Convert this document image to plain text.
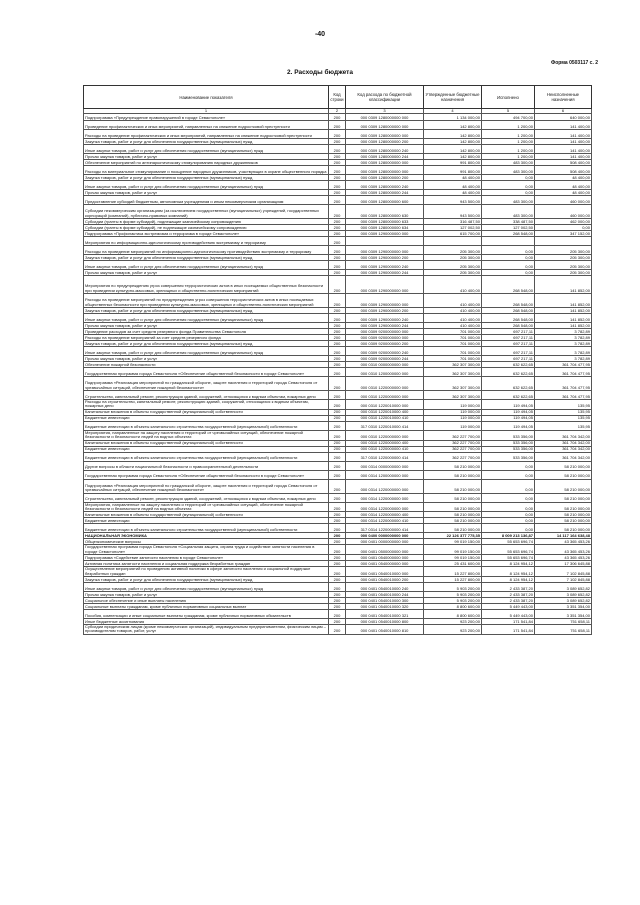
-40
Форма 0503117 с. 2
2. Расходы бюджета
Наименование показателя	Код строки	Код расхода по бюджетной классификации	Утвержденные бюджетные назначения	Исполнено	Неисполненные назначения
1	2	3	4	5	6
Подпрограмма «Предупреждение правонарушений в городе Севастополе»	200	000 0309 1280000000 000	1 134 000,00	494 700,00	640 000,00
Проведение профилактических и иных мероприятий, направленных на снижение подростковой преступности	200	000 0309 1280000000 000	142 800,00	1 200,00	141 400,00
Расходы на проведение профилактических и иных мероприятий, направленных на снижение подростковой преступности	200	000 0309 1280000000 000	142 800,00	1 200,00	141 400,00
Закупка товаров, работ и услуг для обеспечения государственных (муниципальных) нужд	200	000 0309 1280000000 200	142 800,00	1 200,00	141 400,00
Иные закупки товаров, работ и услуг для обеспечения государственных (муниципальных) нужд	200	000 0309 1280000000 240	142 800,00	1 200,00	141 400,00
Прочая закупка товаров, работ и услуг	200	000 0309 1280000000 244	142 800,00	1 200,00	141 400,00
Обеспечение мероприятий по антинаркотическому стимулированию народных дружинников	200	000 0309 1280000000 000	991 800,00	483 300,00	508 400,00
Расходы на материальное стимулирование и поощрение народных дружинников, участвующих в охране общественного порядка	200	000 0309 1280000000 000	991 800,00	483 300,00	508 400,00
Закупка товаров, работ и услуг для обеспечения государственных (муниципальных) нужд	200	000 0309 1280000000 200	48 400,00	0,00	48 400,00
Иные закупки товаров, работ и услуг для обеспечения государственных (муниципальных) нужд	200	000 0309 1280000000 240	48 400,00	0,00	48 400,00
Прочая закупка товаров, работ и услуг	200	000 0309 1280000000 244	48 400,00	0,00	48 400,00
Предоставление субсидий бюджетным, автономным учреждениям и иным некоммерческим организациям	200	000 0309 1280000000 600	943 500,00	483 300,00	460 000,00
Субсидии некоммерческим организациям (за исключением государственных (муниципальных) учреждений, государственных корпораций (компаний), публично-правовых компаний)	200	000 0309 1280000000 630	943 500,00	483 300,00	460 000,00
Субсидии (гранты в форме субсидий), подлежащие казначейскому сопровождению	200	000 0309 1280000000 633	316 487,50	338 487,50	462 000,00
Субсидии (гранты в форме субсидий), не подлежащие казначейскому сопровождению	200	000 0309 1280000000 634	127 002,50	127 002,50	0,00
Подпрограмма «Профилактика экстремизма и терроризма в городе Севастополе»	200	000 0309 1290000000 000	615 700,00	268 548,00	347 152,00
Мероприятия по информационно-идеологическому противодействию экстремизму и терроризму	200				
Расходы на проведение мероприятий по информационно-идеологическому противодействию экстремизму и терроризму	200	000 0309 1290000000 000	205 300,00	0,00	205 300,00
Закупка товаров, работ и услуг для обеспечения государственных (муниципальных) нужд	200	000 0309 1290000000 200	205 300,00	0,00	205 300,00
Иные закупки товаров, работ и услуг для обеспечения государственных (муниципальных) нужд	200	000 0309 1290000000 240	205 300,00	0,00	205 300,00
Прочая закупка товаров, работ и услуг	200	000 0309 1290000000 244	205 300,00	0,00	205 300,00
Мероприятия по предупреждению угроз совершения террористических актов в иных посещаемых общественных безопасности при проведении культурно-массовых, зрелищных и общественно-политических мероприятий	200	000 0309 1290000000 000	410 400,00	268 548,00	141 852,00
Расходы на проведение мероприятий по предупреждению угроз совершения террористических актов в иных посещаемых общественных безопасности при проведении культурно-массовых, зрелищных и общественно-политических мероприятий	200	000 0309 1290000000 000	410 400,00	268 548,00	141 852,00
Закупка товаров, работ и услуг для обеспечения государственных (муниципальных) нужд	200	000 0309 1290000000 200	410 400,00	268 548,00	141 852,00
Иные закупки товаров, работ и услуг для обеспечения государственных (муниципальных) нужд	200	000 0309 1290000000 240	410 400,00	268 548,00	141 852,00
Прочая закупка товаров, работ и услуг	200	000 0309 1290000000 244	410 400,00	268 548,00	141 852,00
Проведение расходов за счет средств резервного фонда Правительства Севастополя	200	000 0309 9200000000 000	701 000,00	697 217,11	3 782,89
Расходы на проведение мероприятий за счет средств резервного фонда	200	000 0309 9200000000 000	701 000,00	697 217,11	3 782,89
Закупка товаров, работ и услуг для обеспечения государственных (муниципальных) нужд	200	000 0309 9200000000 200	701 000,00	697 217,11	3 782,89
Иные закупки товаров, работ и услуг для обеспечения государственных (муниципальных) нужд	200	000 0309 9200000000 240	701 000,00	697 217,11	3 782,89
Прочая закупка товаров, работ и услуг	200	000 0309 9200000000 244	701 000,00	697 217,11	3 782,89
Обеспечение пожарной безопасности	200	000 0310 0000000000 000	362 307 300,00	632 622,65	361 704 477,95
Государственная программа города Севастополя «Обеспечение общественной безопасности в городе Севастополе»	200	000 0310 1200000000 000	362 307 300,00	632 622,65	361 704 477,95
Подпрограмма «Реализация мероприятий по гражданской обороне, защите населения и территорий города Севастополя от чрезвычайных ситуаций, обеспечение пожарной безопасности»	200	000 0310 1220000000 000	362 307 300,00	632 622,65	361 704 477,95
Строительство, капитальный ремонт, реконструкция зданий, сооружений, относящихся к водным объектам, пожарных депо	200	000 0310 1220000000 000	362 307 300,00	632 622,65	361 704 477,95
Расходы на строительство, капитальный ремонт, реконструкцию зданий, сооружений, относящихся к водным объектам, пожарных депо	200	000 0310 1220010000 000	119 000,00	119 494,05	135,95
Капитальные вложения в объекты государственной (муниципальной) собственности	200	000 0310 1220010000 400	119 000,00	119 494,05	135,95
Бюджетные инвестиции	200	000 0310 1220010000 410	119 000,00	119 494,05	135,95
Бюджетные инвестиции в объекты капитального строительства государственной (муниципальной) собственности	200	317 0310 1220010000 414	119 000,00	119 494,05	135,95
Мероприятия, направленные на защиту населения и территорий от чрезвычайных ситуаций, обеспечение пожарной безопасности и безопасности людей на водных объектах	200	000 0310 1220000000 000	362 227 700,00	533 356,00	361 704 342,00
Капитальные вложения в объекты государственной (муниципальной) собственности	200	000 0310 1220000000 400	362 227 700,00	533 356,00	361 704 342,00
Бюджетные инвестиции	200	000 0310 1220000000 410	362 227 700,00	533 356,00	361 704 342,00
Бюджетные инвестиции в объекты капитального строительства государственной (муниципальной) собственности	200	317 0310 1220000000 414	362 227 700,00	533 356,00	361 704 342,00
Другие вопросы в области национальной безопасности и правоохранительной деятельности	200	000 0314 0000000000 000	58 210 000,00	0,00	58 210 000,00
Государственная программа города Севастополя «Обеспечение общественной безопасности в городе Севастополе»	200	000 0314 1200000000 000	58 210 000,00	0,00	58 210 000,00
Подпрограмма «Реализация мероприятий по гражданской обороне, защите населения и территорий города Севастополя от чрезвычайных ситуаций, обеспечение пожарной безопасности»	200	000 0314 1220000000 000	58 210 000,00	0,00	58 210 000,00
Строительство, капитальный ремонт, реконструкция зданий, сооружений, относящихся к водным объектам, пожарных депо	200	000 0314 1220000000 000	58 210 000,00	0,00	58 210 000,00
Мероприятия, направленные на защиту населения и территорий от чрезвычайных ситуаций, обеспечение пожарной безопасности и безопасности людей на водных объектах	200	000 0314 1220000000 000	58 210 000,00	0,00	58 210 000,00
Капитальные вложения в объекты государственной (муниципальной) собственности	200	000 0314 1220000000 400	58 210 000,00	0,00	58 210 000,00
Бюджетные инвестиции	200	000 0314 1220000000 410	58 210 000,00	0,00	58 210 000,00
Бюджетные инвестиции в объекты капитального строительства государственной (муниципальной) собственности	200	317 0314 1220000000 414	58 210 000,00	0,00	58 210 000,00
НАЦИОНАЛЬНАЯ ЭКОНОМИКА	200	000 0400 0000000000 000	22 126 377 775,35	8 009 213 136,87	14 117 164 638,48
Общеэкономические вопросы	200	000 0401 0000000000 000	99 019 150,00	55 653 696,74	43 365 453,26
Государственная программа города Севастополя «Социальная защита, охрана труда и содействие занятости населения в городе Севастополе»	200	000 0401 0500000000 000	99 019 150,00	55 653 696,74	43 365 453,26
Подпрограмма «Содействие занятости населения в городе Севастополе»	200	000 0401 0540000000 000	99 019 150,00	55 653 696,74	43 365 453,26
Активная политика занятости населения и социальная поддержка безработных граждан	200	000 0401 0540000000 000	25 431 600,00	8 124 954,12	17 306 645,88
Осуществление мероприятий по проведению активной политики в сфере занятости населения и социальной поддержке безработных граждан	200	000 0401 0540010000 000	15 227 800,00	8 124 954,12	7 102 845,88
Закупка товаров, работ и услуг для обеспечения государственных (муниципальных) нужд	200	000 0401 0540010000 200	15 227 800,00	8 124 954,12	7 102 845,88
Иные закупки товаров, работ и услуг для обеспечения государственных (муниципальных) нужд	200	000 0401 0540010000 240	5 903 200,00	2 433 387,20	3 089 652,82
Прочая закупка товаров, работ и услуг	200	000 0401 0540010000 244	5 903 200,00	2 433 387,20	3 089 652,82
Социальное обеспечение и иные выплаты населению	200	000 0401 0540010000 300	5 903 200,00	2 433 387,20	3 089 652,82
Социальные выплаты гражданам, кроме публичных нормативных социальных выплат	200	000 0401 0540010000 320	8 800 600,00	5 449 443,00	3 351 354,00
Пособия, компенсации и иные социальные выплаты гражданам, кроме публичных нормативных обязательств	200	000 0401 0540010000 321	8 800 600,00	5 449 443,00	3 351 354,00
Иные бюджетные ассигнования	200	000 0401 0540010000 800	923 200,00	171 541,84	751 658,11
Субсидии юридическим лицам (кроме некоммерческих организаций), индивидуальным предпринимателям, физическим лицам – производителям товаров, работ, услуг	200	000 0401 0540010000 810	923 200,00	171 541,84	751 658,11
